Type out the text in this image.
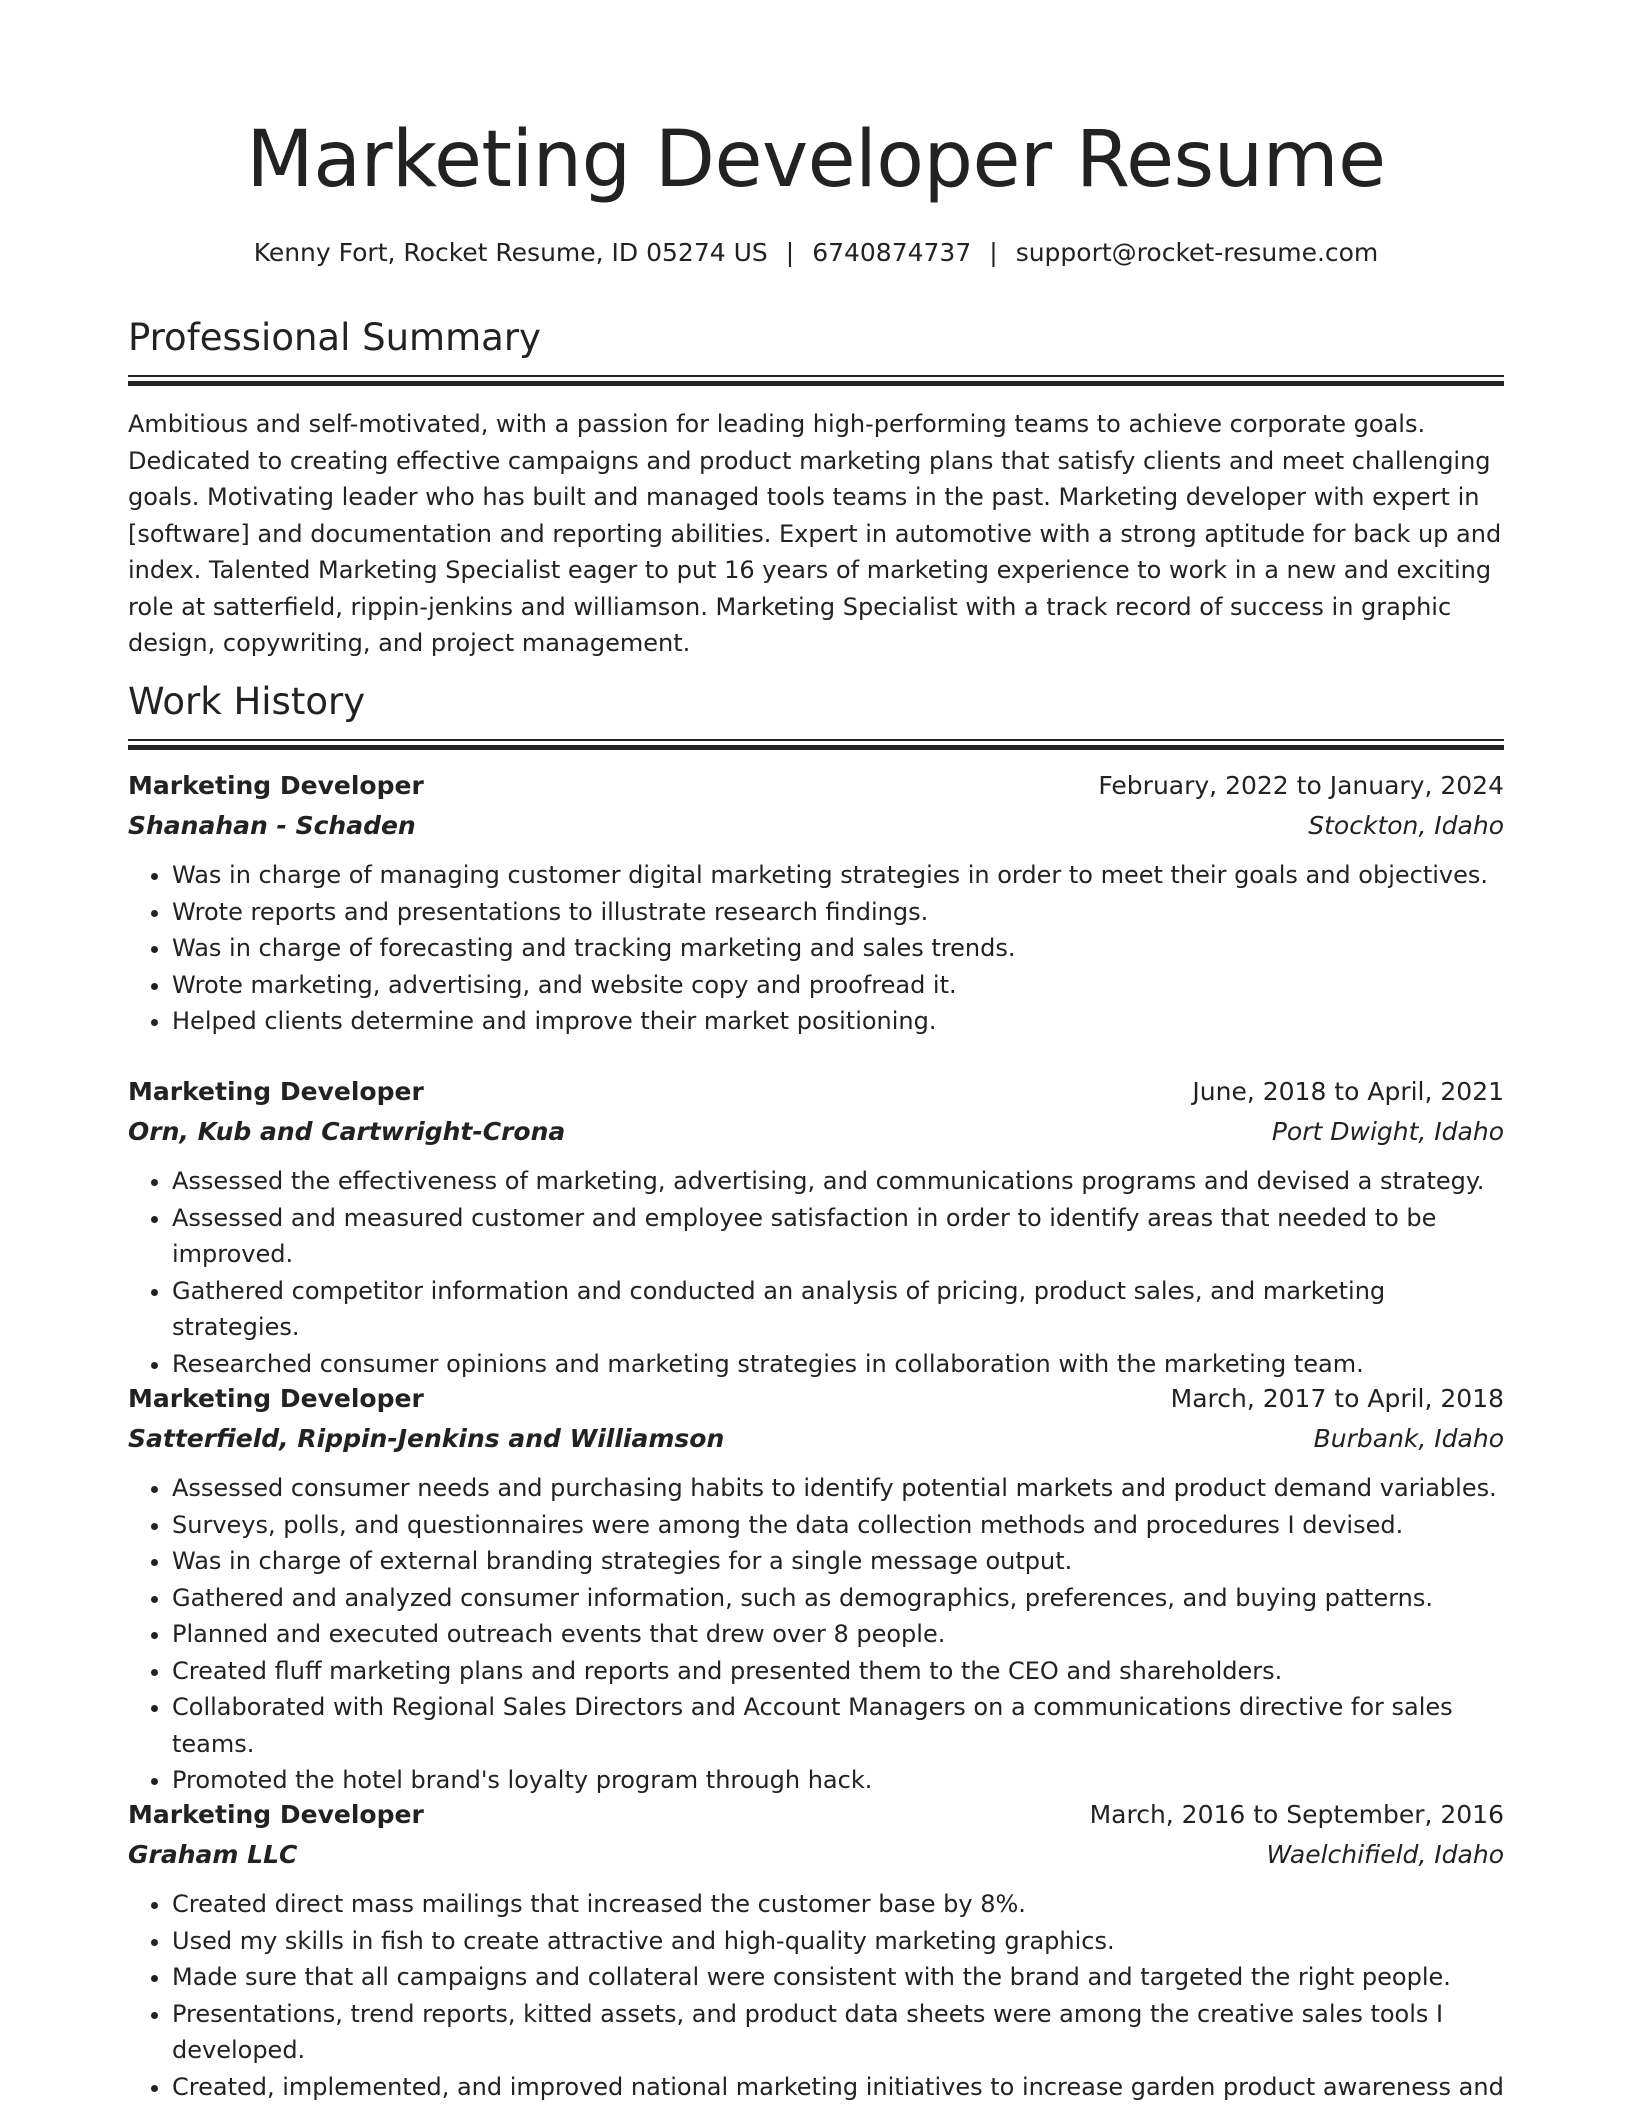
Marketing Developer Resume
Kenny Fort, Rocket Resume, ID 05274 US | 6740874737 | support@rocket-resume.com
Professional Summary

Ambitious and self-motivated, with a passion for leading high-performing teams to achieve corporate goals. Dedicated to creating effective campaigns and product marketing plans that satisfy clients and meet challenging goals. Motivating leader who has built and managed tools teams in the past. Marketing developer with expert in [software] and documentation and reporting abilities. Expert in automotive with a strong aptitude for back up and index. Talented Marketing Specialist eager to put 16 years of marketing experience to work in a new and exciting role at satterfield, rippin-jenkins and williamson. Marketing Specialist with a track record of success in graphic design, copywriting, and project management.

Work History
Marketing Developer	February, 2022 to January, 2024
Shanahan - Schaden	Stockton, Idaho
• Was in charge of managing customer digital marketing strategies in order to meet their goals and objectives.
• Wrote reports and presentations to illustrate research findings.
• Was in charge of forecasting and tracking marketing and sales trends.
• Wrote marketing, advertising, and website copy and proofread it.
• Helped clients determine and improve their market positioning.
Marketing Developer	June, 2018 to April, 2021
Orn, Kub and Cartwright-Crona	Port Dwight, Idaho
• Assessed the effectiveness of marketing, advertising, and communications programs and devised a strategy.
• Assessed and measured customer and employee satisfaction in order to identify areas that needed to be improved.
• Gathered competitor information and conducted an analysis of pricing, product sales, and marketing strategies.
• Researched consumer opinions and marketing strategies in collaboration with the marketing team.
Marketing Developer	March, 2017 to April, 2018
Satterfield, Rippin-Jenkins and Williamson	Burbank, Idaho
• Assessed consumer needs and purchasing habits to identify potential markets and product demand variables.
• Surveys, polls, and questionnaires were among the data collection methods and procedures I devised.
• Was in charge of external branding strategies for a single message output.
• Gathered and analyzed consumer information, such as demographics, preferences, and buying patterns.
• Planned and executed outreach events that drew over 8 people.
• Created fluff marketing plans and reports and presented them to the CEO and shareholders.
• Collaborated with Regional Sales Directors and Account Managers on a communications directive for sales teams.
• Promoted the hotel brand's loyalty program through hack.
Marketing Developer	March, 2016 to September, 2016
Graham LLC	Waelchifield, Idaho
• Created direct mass mailings that increased the customer base by 8%.
• Used my skills in fish to create attractive and high-quality marketing graphics.
• Made sure that all campaigns and collateral were consistent with the brand and targeted the right people.
• Presentations, trend reports, kitted assets, and product data sheets were among the creative sales tools I developed.
• Created, implemented, and improved national marketing initiatives to increase garden product awareness and
